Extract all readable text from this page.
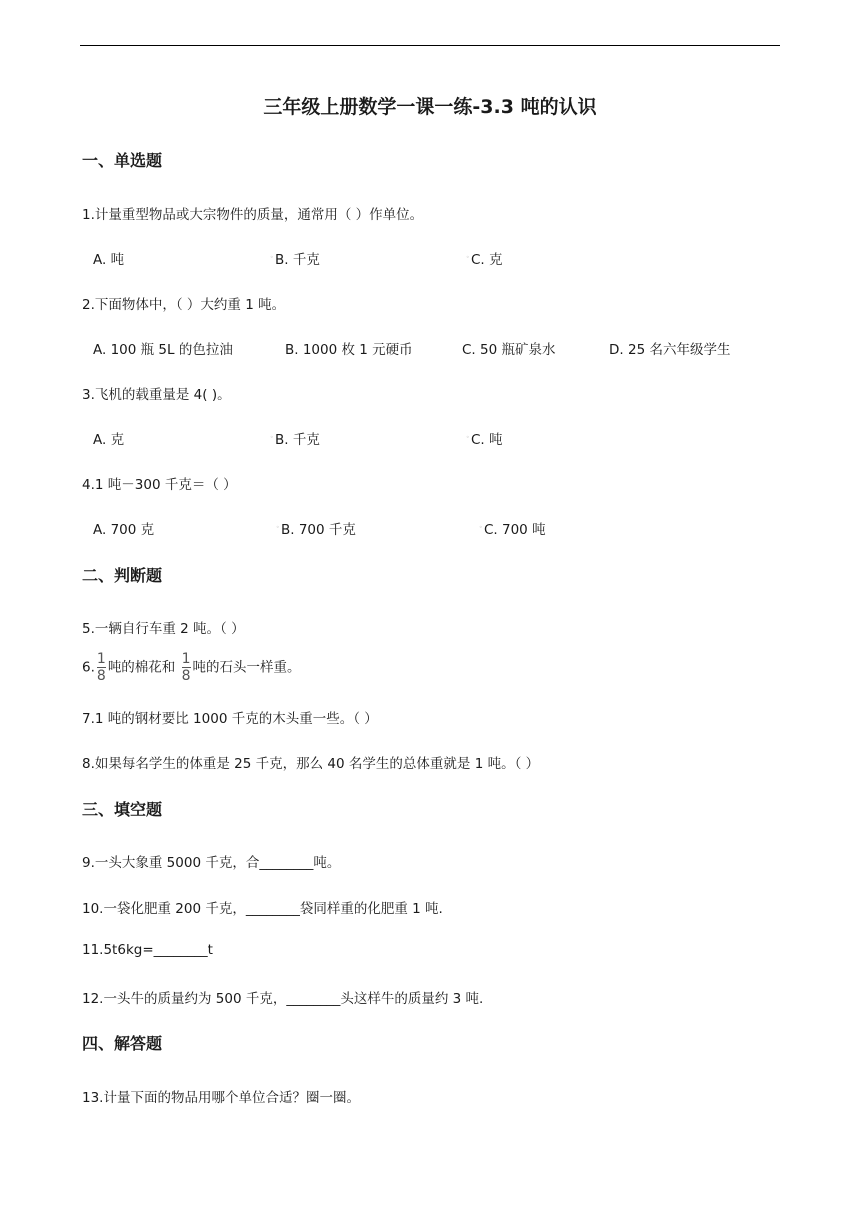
三年级上册数学一课一练-3.3 吨的认识
一、单选题
1.计量重型物品或大宗物件的质量，通常用（ ）作单位。
A. 吨	◦ B. 千克	◦ C. 克
2.下面物体中，（ ）大约重 1 吨。
A. 100 瓶 5L 的色拉油	B. 1000 枚 1 元硬币	C. 50 瓶矿泉水	D. 25 名六年级学生
3.飞机的载重量是 4( )。
A. 克	◦ B. 千克	◦ C. 吨
4.1 吨－300 千克＝（ ）
A. 700 克	◦ B. 700 千克	◦ C. 700 吨
二、判断题
5.一辆自行车重 2 吨。（ ）
6. $\frac{1}{8}$ 吨的棉花和 $\frac{1}{8}$ 吨的石头一样重。
7.1 吨的钢材要比 1000 千克的木头重一些。（ ）
8.如果每名学生的体重是 25 千克，那么 40 名学生的总体重就是 1 吨。（ ）
三、填空题
9.一头大象重 5000 千克，合________吨。
10.一袋化肥重 200 千克，________袋同样重的化肥重 1 吨.
11.5t6kg=________t
12.一头牛的质量约为 500 千克，________头这样牛的质量约 3 吨.
四、解答题
13.计量下面的物品用哪个单位合适？圈一圈。
